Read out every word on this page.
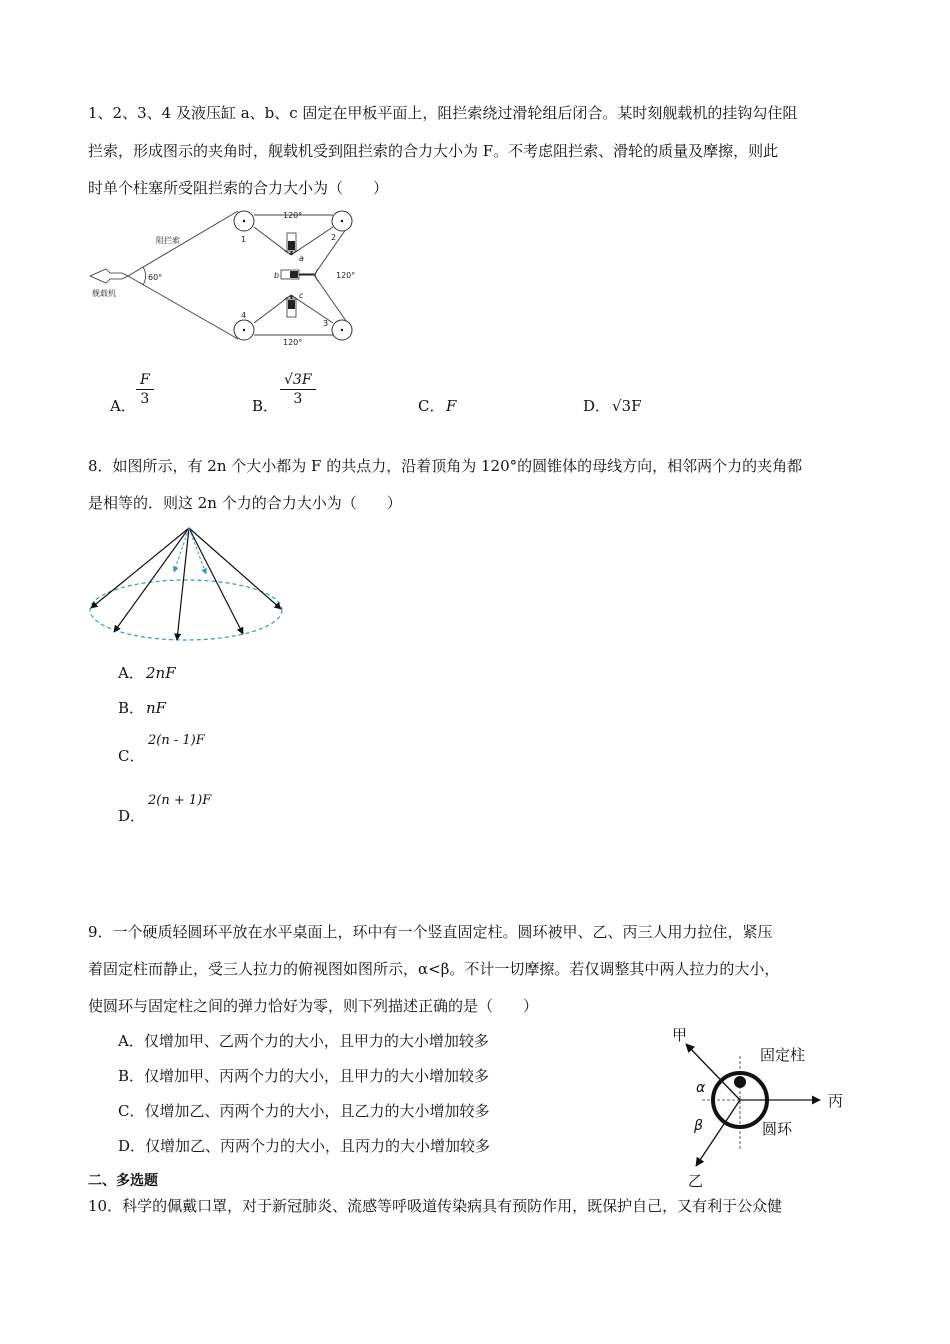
1、2、3、4 及液压缸 a、b、c 固定在甲板平面上，阻拦索绕过滑轮组后闭合。某时刻舰载机的挂钩勾住阻
拦索，形成图示的夹角时，舰载机受到阻拦索的合力大小为 F。不考虑阻拦索、滑轮的质量及摩擦，则此
时单个柱塞所受阻拦索的合力大小为（　　）
阻拦索
舰载机
60°
120°
120°
120°
1	2
3
4
a
b
c
A．
F
3	B．
√3F
3	C． F	D． √3F
8．如图所示，有 2n 个大小都为 F 的共点力，沿着顶角为 120°的圆锥体的母线方向，相邻两个力的夹角都
是相等的．则这 2n 个力的合力大小为（　　）
A． 2nF
B． nF
C．
2(n - 1)F
D．
2(n + 1)F
9．一个硬质轻圆环平放在水平桌面上，环中有一个竖直固定柱。圆环被甲、乙、丙三人用力拉住，紧压
着固定柱而静止，受三人拉力的俯视图如图所示，α<β。不计一切摩擦。若仅调整其中两人拉力的大小，
使圆环与固定柱之间的弹力恰好为零，则下列描述正确的是（　　）
A．仅增加甲、乙两个力的大小，且甲力的大小增加较多
B．仅增加甲、丙两个力的大小，且甲力的大小增加较多
C．仅增加乙、丙两个力的大小，且乙力的大小增加较多
D．仅增加乙、丙两个力的大小，且丙力的大小增加较多
甲
丙
乙
固定柱
圆环
α
β
二、多选题
10．科学的佩戴口罩，对于新冠肺炎、流感等呼吸道传染病具有预防作用，既保护自己，又有利于公众健
